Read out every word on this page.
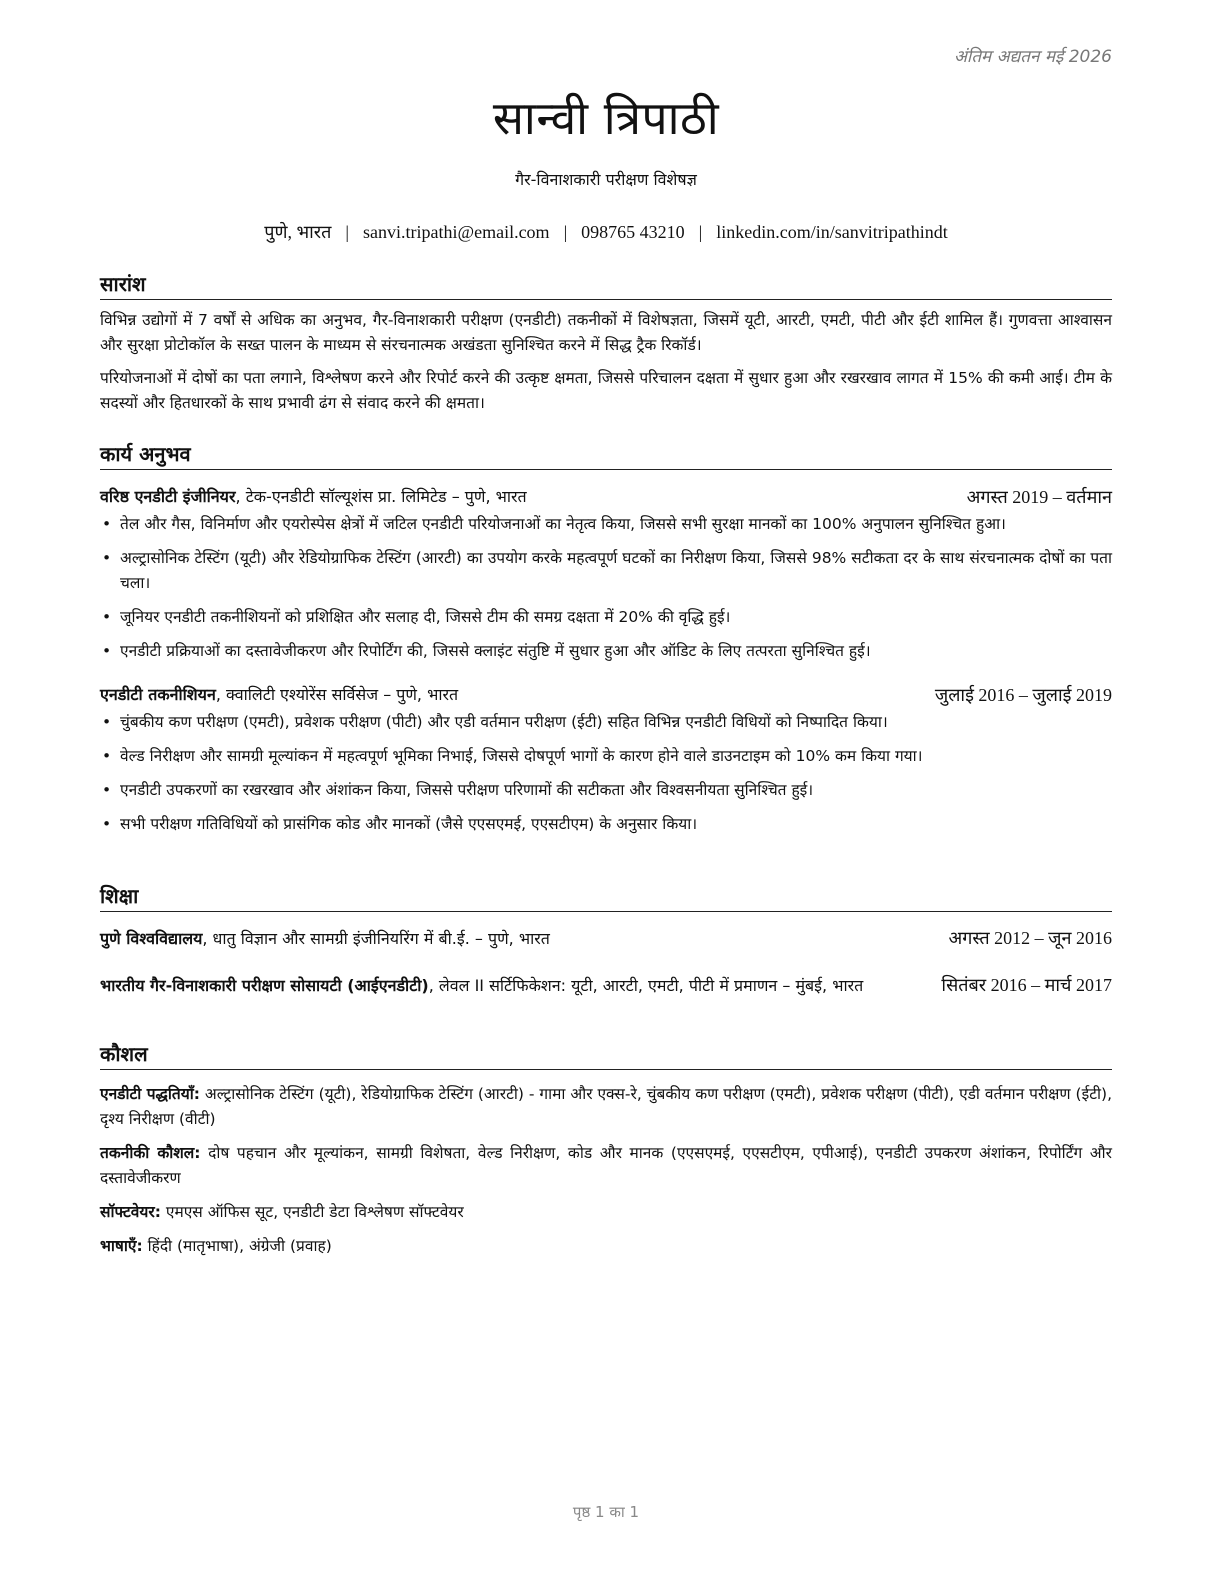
अंतिम अद्यतन मई 2026
सान्वी त्रिपाठी
गैर-विनाशकारी परीक्षण विशेषज्ञ
पुणे, भारत | sanvi.tripathi@email.com | 098765 43210 | linkedin.com/in/sanvitripathindt
सारांश
विभिन्न उद्योगों में 7 वर्षों से अधिक का अनुभव, गैर-विनाशकारी परीक्षण (एनडीटी) तकनीकों में विशेषज्ञता, जिसमें यूटी, आरटी, एमटी, पीटी और ईटी शामिल हैं। गुणवत्ता आश्वासन और सुरक्षा प्रोटोकॉल के सख्त पालन के माध्यम से संरचनात्मक अखंडता सुनिश्चित करने में सिद्ध ट्रैक रिकॉर्ड।
परियोजनाओं में दोषों का पता लगाने, विश्लेषण करने और रिपोर्ट करने की उत्कृष्ट क्षमता, जिससे परिचालन दक्षता में सुधार हुआ और रखरखाव लागत में 15% की कमी आई। टीम के सदस्यों और हितधारकों के साथ प्रभावी ढंग से संवाद करने की क्षमता।
कार्य अनुभव
वरिष्ठ एनडीटी इंजीनियर, टेक-एनडीटी सॉल्यूशंस प्रा. लिमिटेड – पुणे, भारत	अगस्त 2019 – वर्तमान
• तेल और गैस, विनिर्माण और एयरोस्पेस क्षेत्रों में जटिल एनडीटी परियोजनाओं का नेतृत्व किया, जिससे सभी सुरक्षा मानकों का 100% अनुपालन सुनिश्चित हुआ।
• अल्ट्रासोनिक टेस्टिंग (यूटी) और रेडियोग्राफिक टेस्टिंग (आरटी) का उपयोग करके महत्वपूर्ण घटकों का निरीक्षण किया, जिससे 98% सटीकता दर के साथ संरचनात्मक दोषों का पता चला।
• जूनियर एनडीटी तकनीशियनों को प्रशिक्षित और सलाह दी, जिससे टीम की समग्र दक्षता में 20% की वृद्धि हुई।
• एनडीटी प्रक्रियाओं का दस्तावेजीकरण और रिपोर्टिंग की, जिससे क्लाइंट संतुष्टि में सुधार हुआ और ऑडिट के लिए तत्परता सुनिश्चित हुई।
एनडीटी तकनीशियन, क्वालिटी एश्योरेंस सर्विसेज – पुणे, भारत	जुलाई 2016 – जुलाई 2019
• चुंबकीय कण परीक्षण (एमटी), प्रवेशक परीक्षण (पीटी) और एडी वर्तमान परीक्षण (ईटी) सहित विभिन्न एनडीटी विधियों को निष्पादित किया।
• वेल्ड निरीक्षण और सामग्री मूल्यांकन में महत्वपूर्ण भूमिका निभाई, जिससे दोषपूर्ण भागों के कारण होने वाले डाउनटाइम को 10% कम किया गया।
• एनडीटी उपकरणों का रखरखाव और अंशांकन किया, जिससे परीक्षण परिणामों की सटीकता और विश्वसनीयता सुनिश्चित हुई।
• सभी परीक्षण गतिविधियों को प्रासंगिक कोड और मानकों (जैसे एएसएमई, एएसटीएम) के अनुसार किया।
शिक्षा
पुणे विश्वविद्यालय, धातु विज्ञान और सामग्री इंजीनियरिंग में बी.ई. – पुणे, भारत	अगस्त 2012 – जून 2016
भारतीय गैर-विनाशकारी परीक्षण सोसायटी (आईएनडीटी), लेवल II सर्टिफिकेशन: यूटी, आरटी, एमटी, पीटी में प्रमाणन – मुंबई, भारत	सितंबर 2016 – मार्च 2017
कौशल
एनडीटी पद्धतियाँ: अल्ट्रासोनिक टेस्टिंग (यूटी), रेडियोग्राफिक टेस्टिंग (आरटी) - गामा और एक्स-रे, चुंबकीय कण परीक्षण (एमटी), प्रवेशक परीक्षण (पीटी), एडी वर्तमान परीक्षण (ईटी), दृश्य निरीक्षण (वीटी)
तकनीकी कौशल: दोष पहचान और मूल्यांकन, सामग्री विशेषता, वेल्ड निरीक्षण, कोड और मानक (एएसएमई, एएसटीएम, एपीआई), एनडीटी उपकरण अंशांकन, रिपोर्टिंग और दस्तावेजीकरण
सॉफ्टवेयर: एमएस ऑफिस सूट, एनडीटी डेटा विश्लेषण सॉफ्टवेयर
भाषाएँ: हिंदी (मातृभाषा), अंग्रेजी (प्रवाह)
पृष्ठ 1 का 1
